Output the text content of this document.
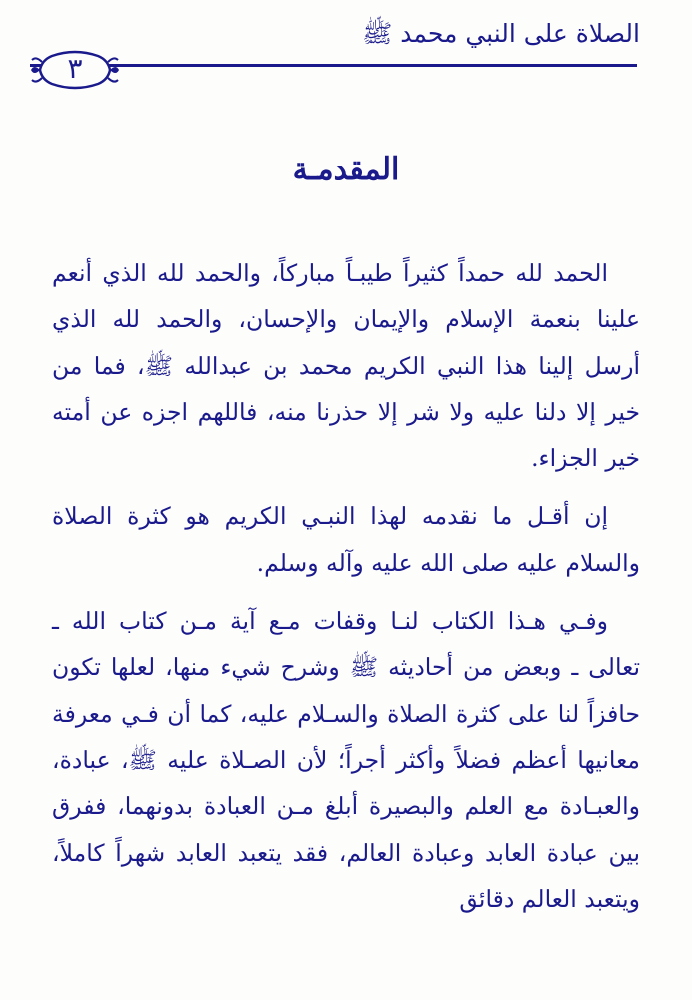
الصلاة على النبي محمد ﷺ
٣
المقدمـة

الحمد لله حمداً كثيراً طيبـاً مباركاً، والحمد لله الذي أنعم علينا بنعمة الإسلام والإيمان والإحسان، والحمد لله الذي أرسل إلينا هذا النبي الكريم محمد بن عبدالله ﷺ، فما من خير إلا دلنا عليه ولا شر إلا حذرنا منه، فاللهم اجزه عن أمته خير الجزاء.

إن أقـل ما نقدمه لهذا النبـي الكريم هو كثرة الصلاة والسلام عليه صلى الله عليه وآله وسلم.

وفـي هـذا الكتاب لنـا وقفات مـع آية مـن كتاب الله ـ تعالى ـ وبعض من أحاديثه ﷺ وشرح شيء منها، لعلها تكون حافزاً لنا على كثرة الصلاة والسـلام عليه، كما أن فـي معرفة معانيها أعظم فضلاً وأكثر أجراً؛ لأن الصـلاة عليه ﷺ، عبادة، والعبـادة مع العلم والبصيرة أبلغ مـن العبادة بدونهما، ففرق بين عبادة العابد وعبادة العالم، فقد يتعبد العابد شهراً كاملاً، ويتعبد العالم دقائق
